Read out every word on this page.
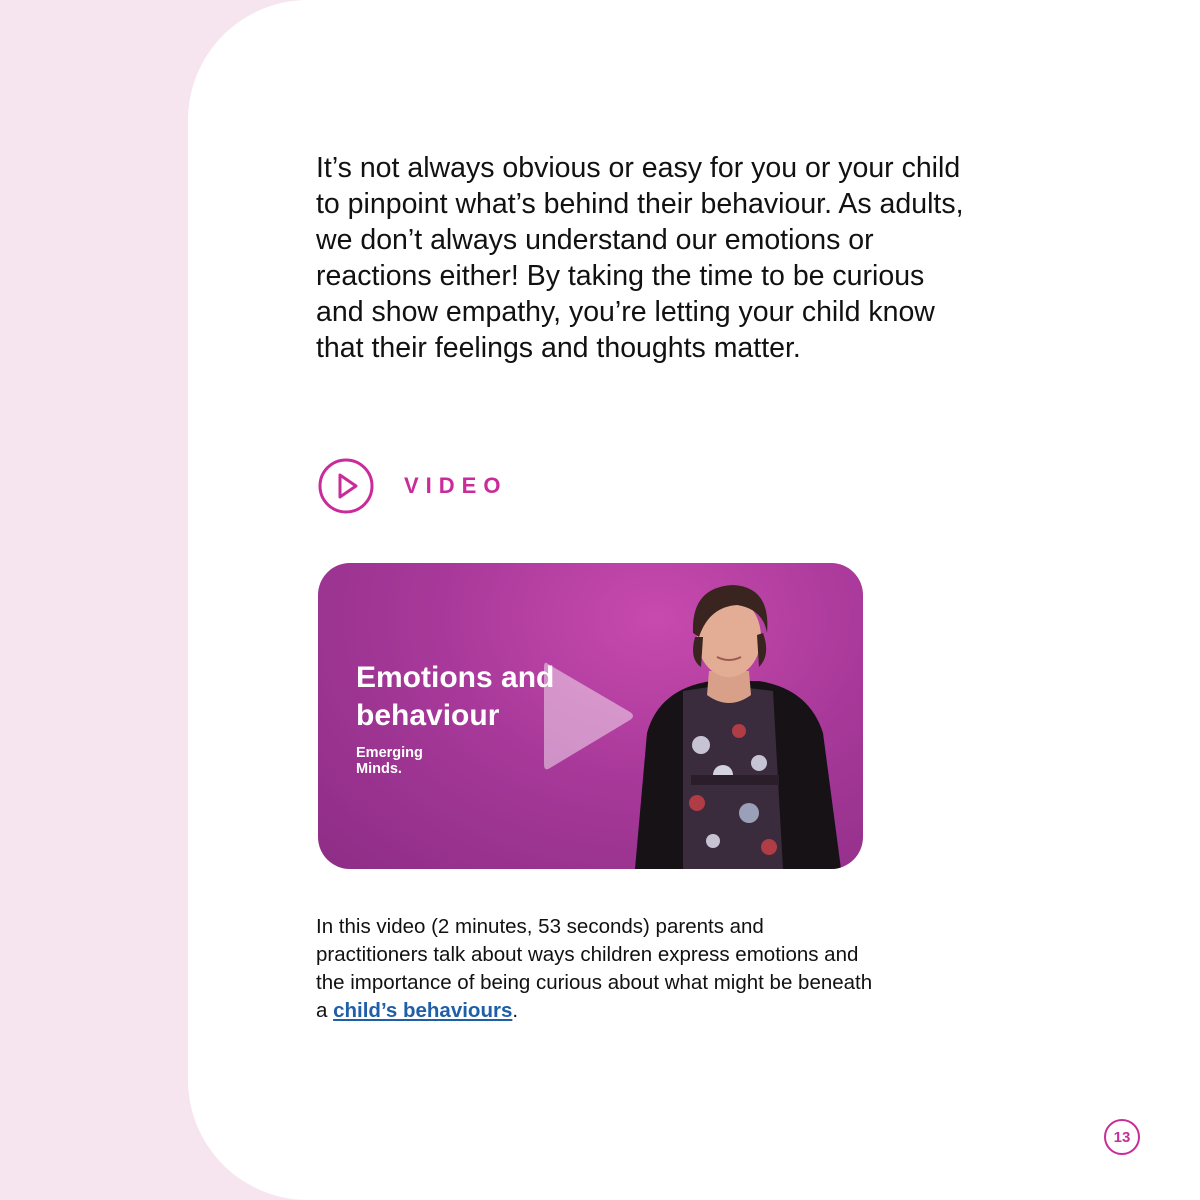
It’s not always obvious or easy for you or your child to pinpoint what’s behind their behaviour. As adults, we don’t always understand our emotions or reactions either! By taking the time to be curious and show empathy, you’re letting your child know that their feelings and thoughts matter.

VIDEO

Emotions and behaviour

Emerging Minds.

In this video (2 minutes, 53 seconds) parents and practitioners talk about ways children express emotions and the importance of being curious about what might be beneath a child’s behaviours.

13
